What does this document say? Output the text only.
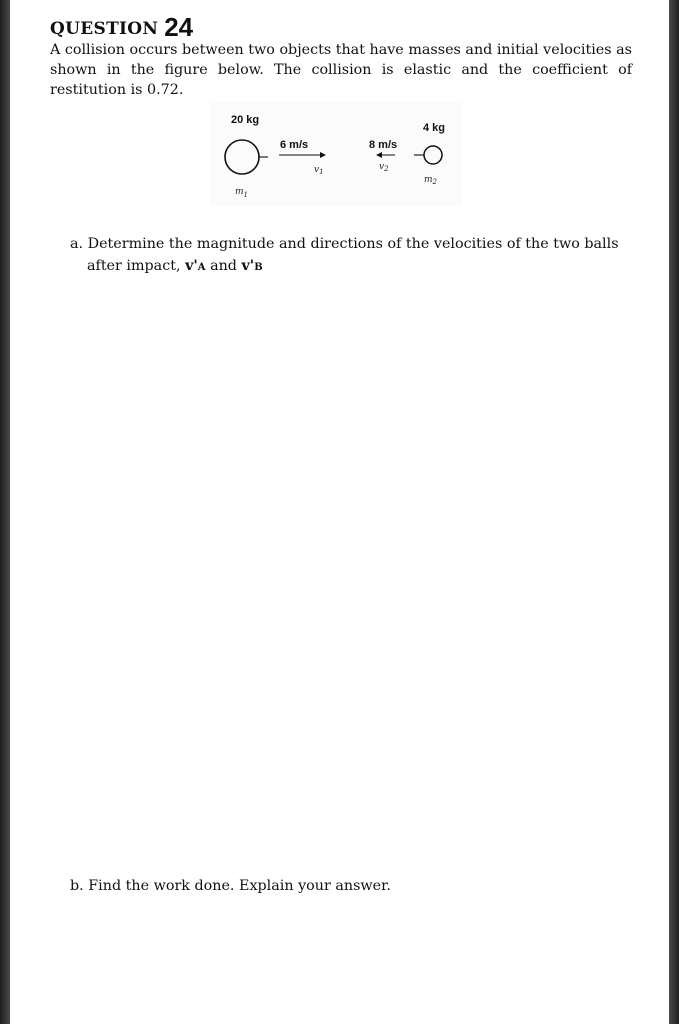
QUESTION 24
A collision occurs between two objects that have masses and initial velocities as shown in the figure below. The collision is elastic and the coefficient of restitution is 0.72.
20 kg
$m_1$
6 m/s
$v_1$
8 m/s
$v_2$
4 kg
$m_2$
a. Determine the magnitude and directions of the velocities of the two balls after impact, v'A and v'B
b. Find the work done. Explain your answer.
